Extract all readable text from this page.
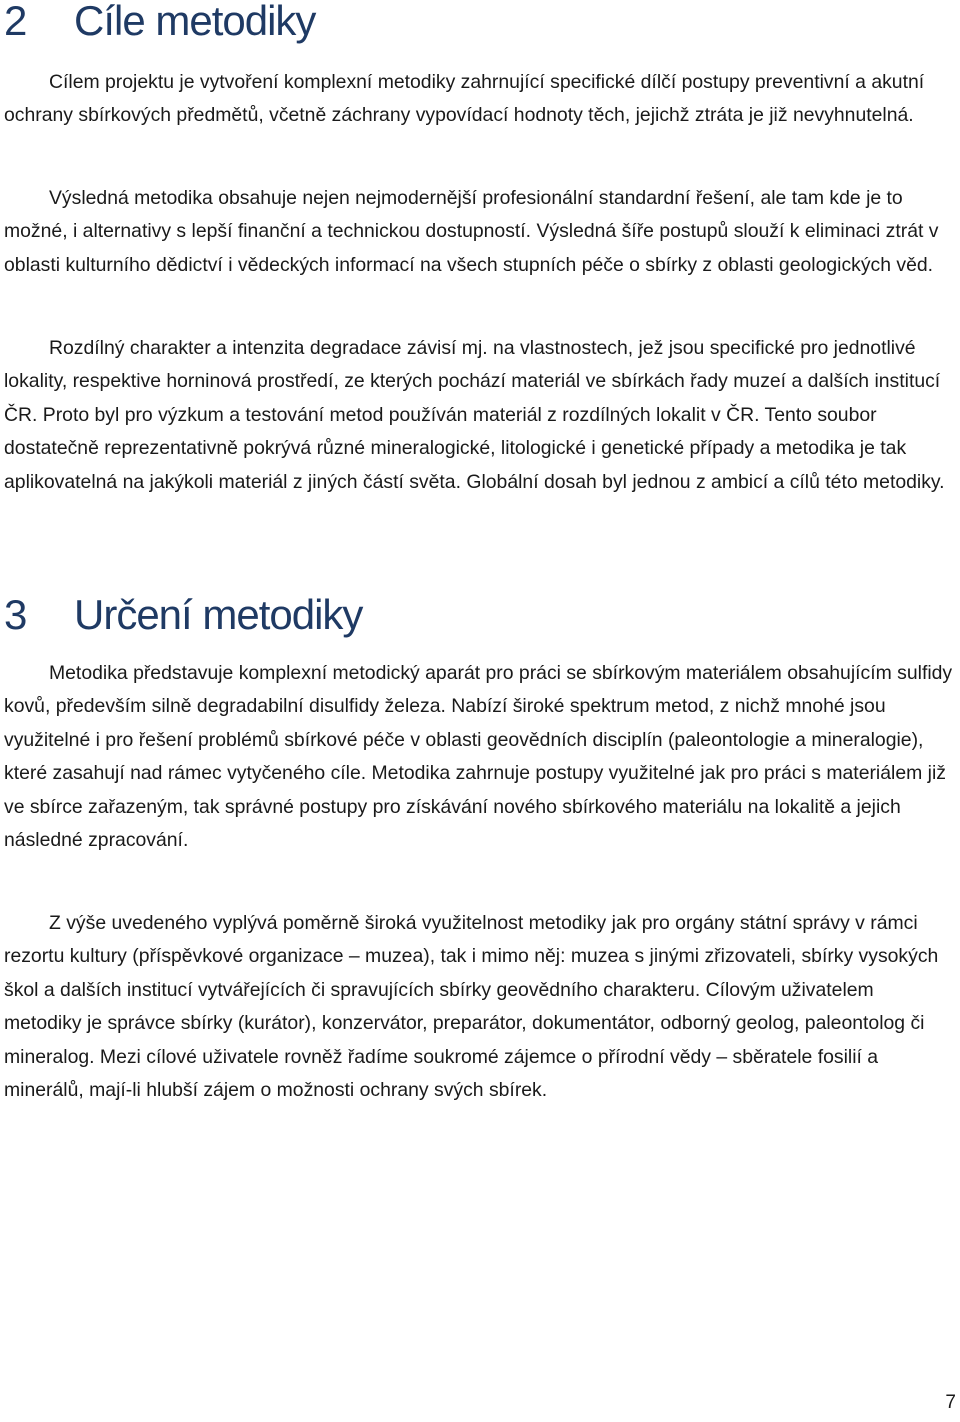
2 Cíle metodiky

Cílem projektu je vytvoření komplexní metodiky zahrnující specifické dílčí postupy preventivní a akutní ochrany sbírkových předmětů, včetně záchrany vypovídací hodnoty těch, jejichž ztráta je již nevyhnutelná.

Výsledná metodika obsahuje nejen nejmodernější profesionální standardní řešení, ale tam kde je to možné, i alternativy s lepší finanční a technickou dostupností. Výsledná šíře postupů slouží k eliminaci ztrát v oblasti kulturního dědictví i vědeckých informací na všech stupních péče o sbírky z oblasti geologických věd.

Rozdílný charakter a intenzita degradace závisí mj. na vlastnostech, jež jsou specifické pro jednotlivé lokality, respektive horninová prostředí, ze kterých pochází materiál ve sbírkách řady muzeí a dalších institucí ČR. Proto byl pro výzkum a testování metod používán materiál z rozdílných lokalit v ČR. Tento soubor dostatečně reprezentativně pokrývá různé mineralogické, litologické i genetické případy a metodika je tak aplikovatelná na jakýkoli materiál z jiných částí světa. Globální dosah byl jednou z ambicí a cílů této metodiky.

3 Určení metodiky

Metodika představuje komplexní metodický aparát pro práci se sbírkovým materiálem obsahujícím sulfidy kovů, především silně degradabilní disulfidy železa. Nabízí široké spektrum metod, z nichž mnohé jsou využitelné i pro řešení problémů sbírkové péče v oblasti geovědních disciplín (paleontologie a mineralogie), které zasahují nad rámec vytyčeného cíle. Metodika zahrnuje postupy využitelné jak pro práci s materiálem již ve sbírce zařazeným, tak správné postupy pro získávání nového sbírkového materiálu na lokalitě a jejich následné zpracování.

Z výše uvedeného vyplývá poměrně široká využitelnost metodiky jak pro orgány státní správy v rámci rezortu kultury (příspěvkové organizace – muzea), tak i mimo něj: muzea s jinými zřizovateli, sbírky vysokých škol a dalších institucí vytvářejících či spravujících sbírky geovědního charakteru. Cílovým uživatelem metodiky je správce sbírky (kurátor), konzervátor, preparátor, dokumentátor, odborný geolog, paleontolog či mineralog. Mezi cílové uživatele rovněž řadíme soukromé zájemce o přírodní vědy – sběratele fosilií a minerálů, mají-li hlubší zájem o možnosti ochrany svých sbírek.

7
